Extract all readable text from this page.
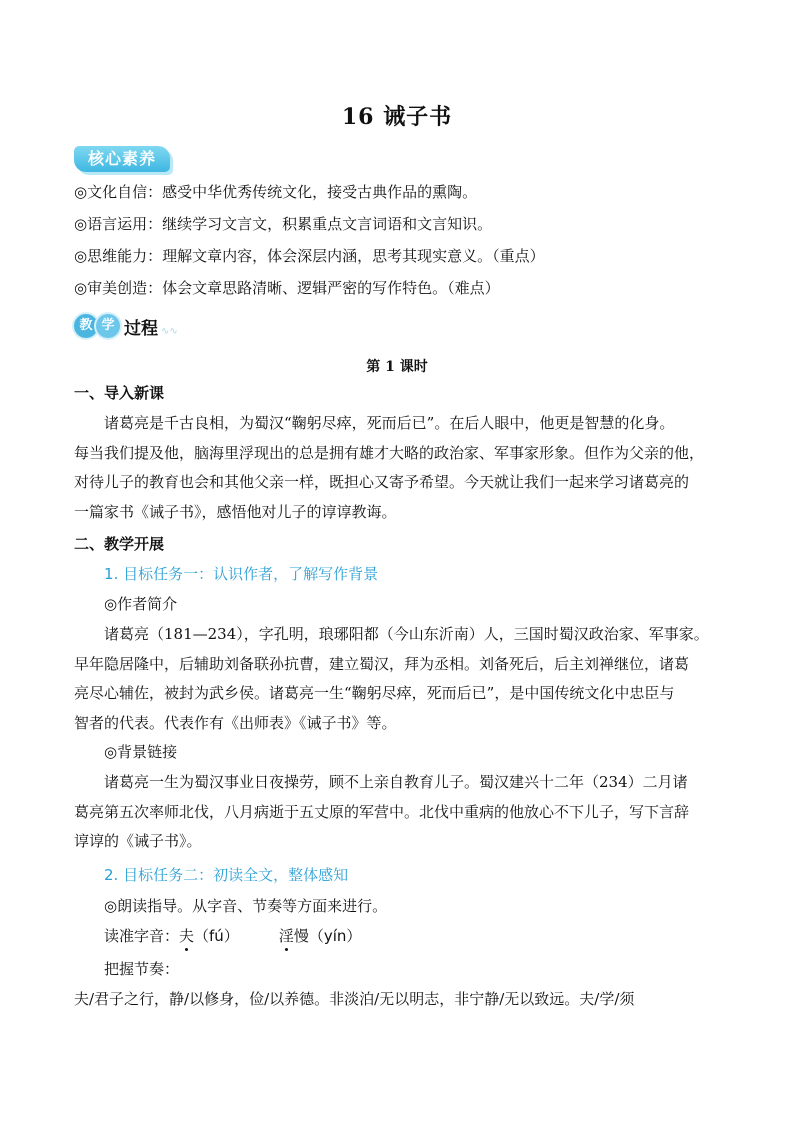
16 诫子书
核心素养
◎文化自信：感受中华优秀传统文化，接受古典作品的熏陶。
◎语言运用：继续学习文言文，积累重点文言词语和文言知识。
◎思维能力：理解文章内容，体会深层内涵，思考其现实意义。（重点）
◎审美创造：体会文章思路清晰、逻辑严密的写作特色。（难点）
教 学 过程 ∿∿
第 1 课时
一、导入新课
诸葛亮是千古良相，为蜀汉“鞠躬尽瘁，死而后已”。在后人眼中，他更是智慧的化身。
每当我们提及他，脑海里浮现出的总是拥有雄才大略的政治家、军事家形象。但作为父亲的他，
对待儿子的教育也会和其他父亲一样，既担心又寄予希望。今天就让我们一起来学习诸葛亮的
一篇家书《诫子书》，感悟他对儿子的谆谆教诲。
二、教学开展
1. 目标任务一：认识作者，了解写作背景
◎作者简介
诸葛亮（181—234），字孔明，琅琊阳都（今山东沂南）人，三国时蜀汉政治家、军事家。
早年隐居隆中，后辅助刘备联孙抗曹，建立蜀汉，拜为丞相。刘备死后，后主刘禅继位，诸葛
亮尽心辅佐，被封为武乡侯。诸葛亮一生“鞠躬尽瘁，死而后已”，是中国传统文化中忠臣与
智者的代表。代表作有《出师表》《诫子书》等。
◎背景链接
诸葛亮一生为蜀汉事业日夜操劳，顾不上亲自教育儿子。蜀汉建兴十二年（234）二月诸
葛亮第五次率师北伐，八月病逝于五丈原的军营中。北伐中重病的他放心不下儿子，写下言辞
谆谆的《诫子书》。
2. 目标任务二：初读全文，整体感知
◎朗读指导。从字音、节奏等方面来进行。
读准字音：夫（fú）	淫慢（yín）
把握节奏：
夫/君子之行，静/以修身，俭/以养德。非淡泊/无以明志，非宁静/无以致远。夫/学/须
